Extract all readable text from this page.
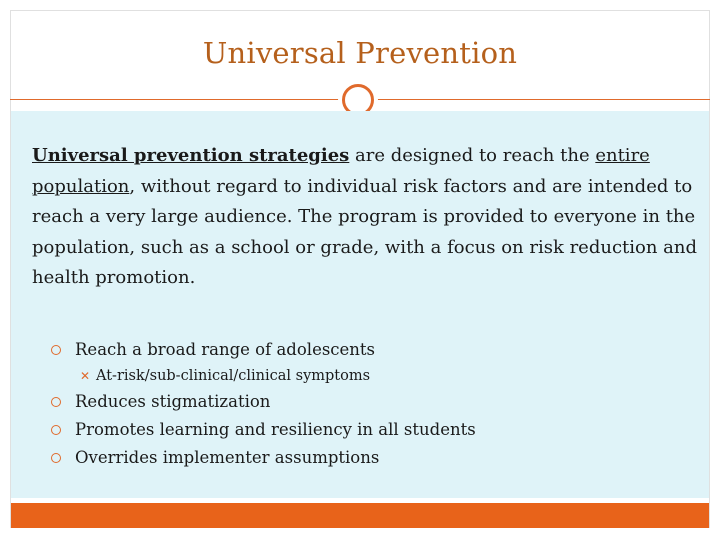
Universal Prevention
Universal prevention strategies are designed to reach the entire population, without regard to individual risk factors and are intended to reach a very large audience. The program is provided to everyone in the population, such as a school or grade, with a focus on risk reduction and health promotion.
Reach a broad range of adolescents
✕ At-risk/sub-clinical/clinical symptoms
Reduces stigmatization
Promotes learning and resiliency in all students
Overrides implementer assumptions
